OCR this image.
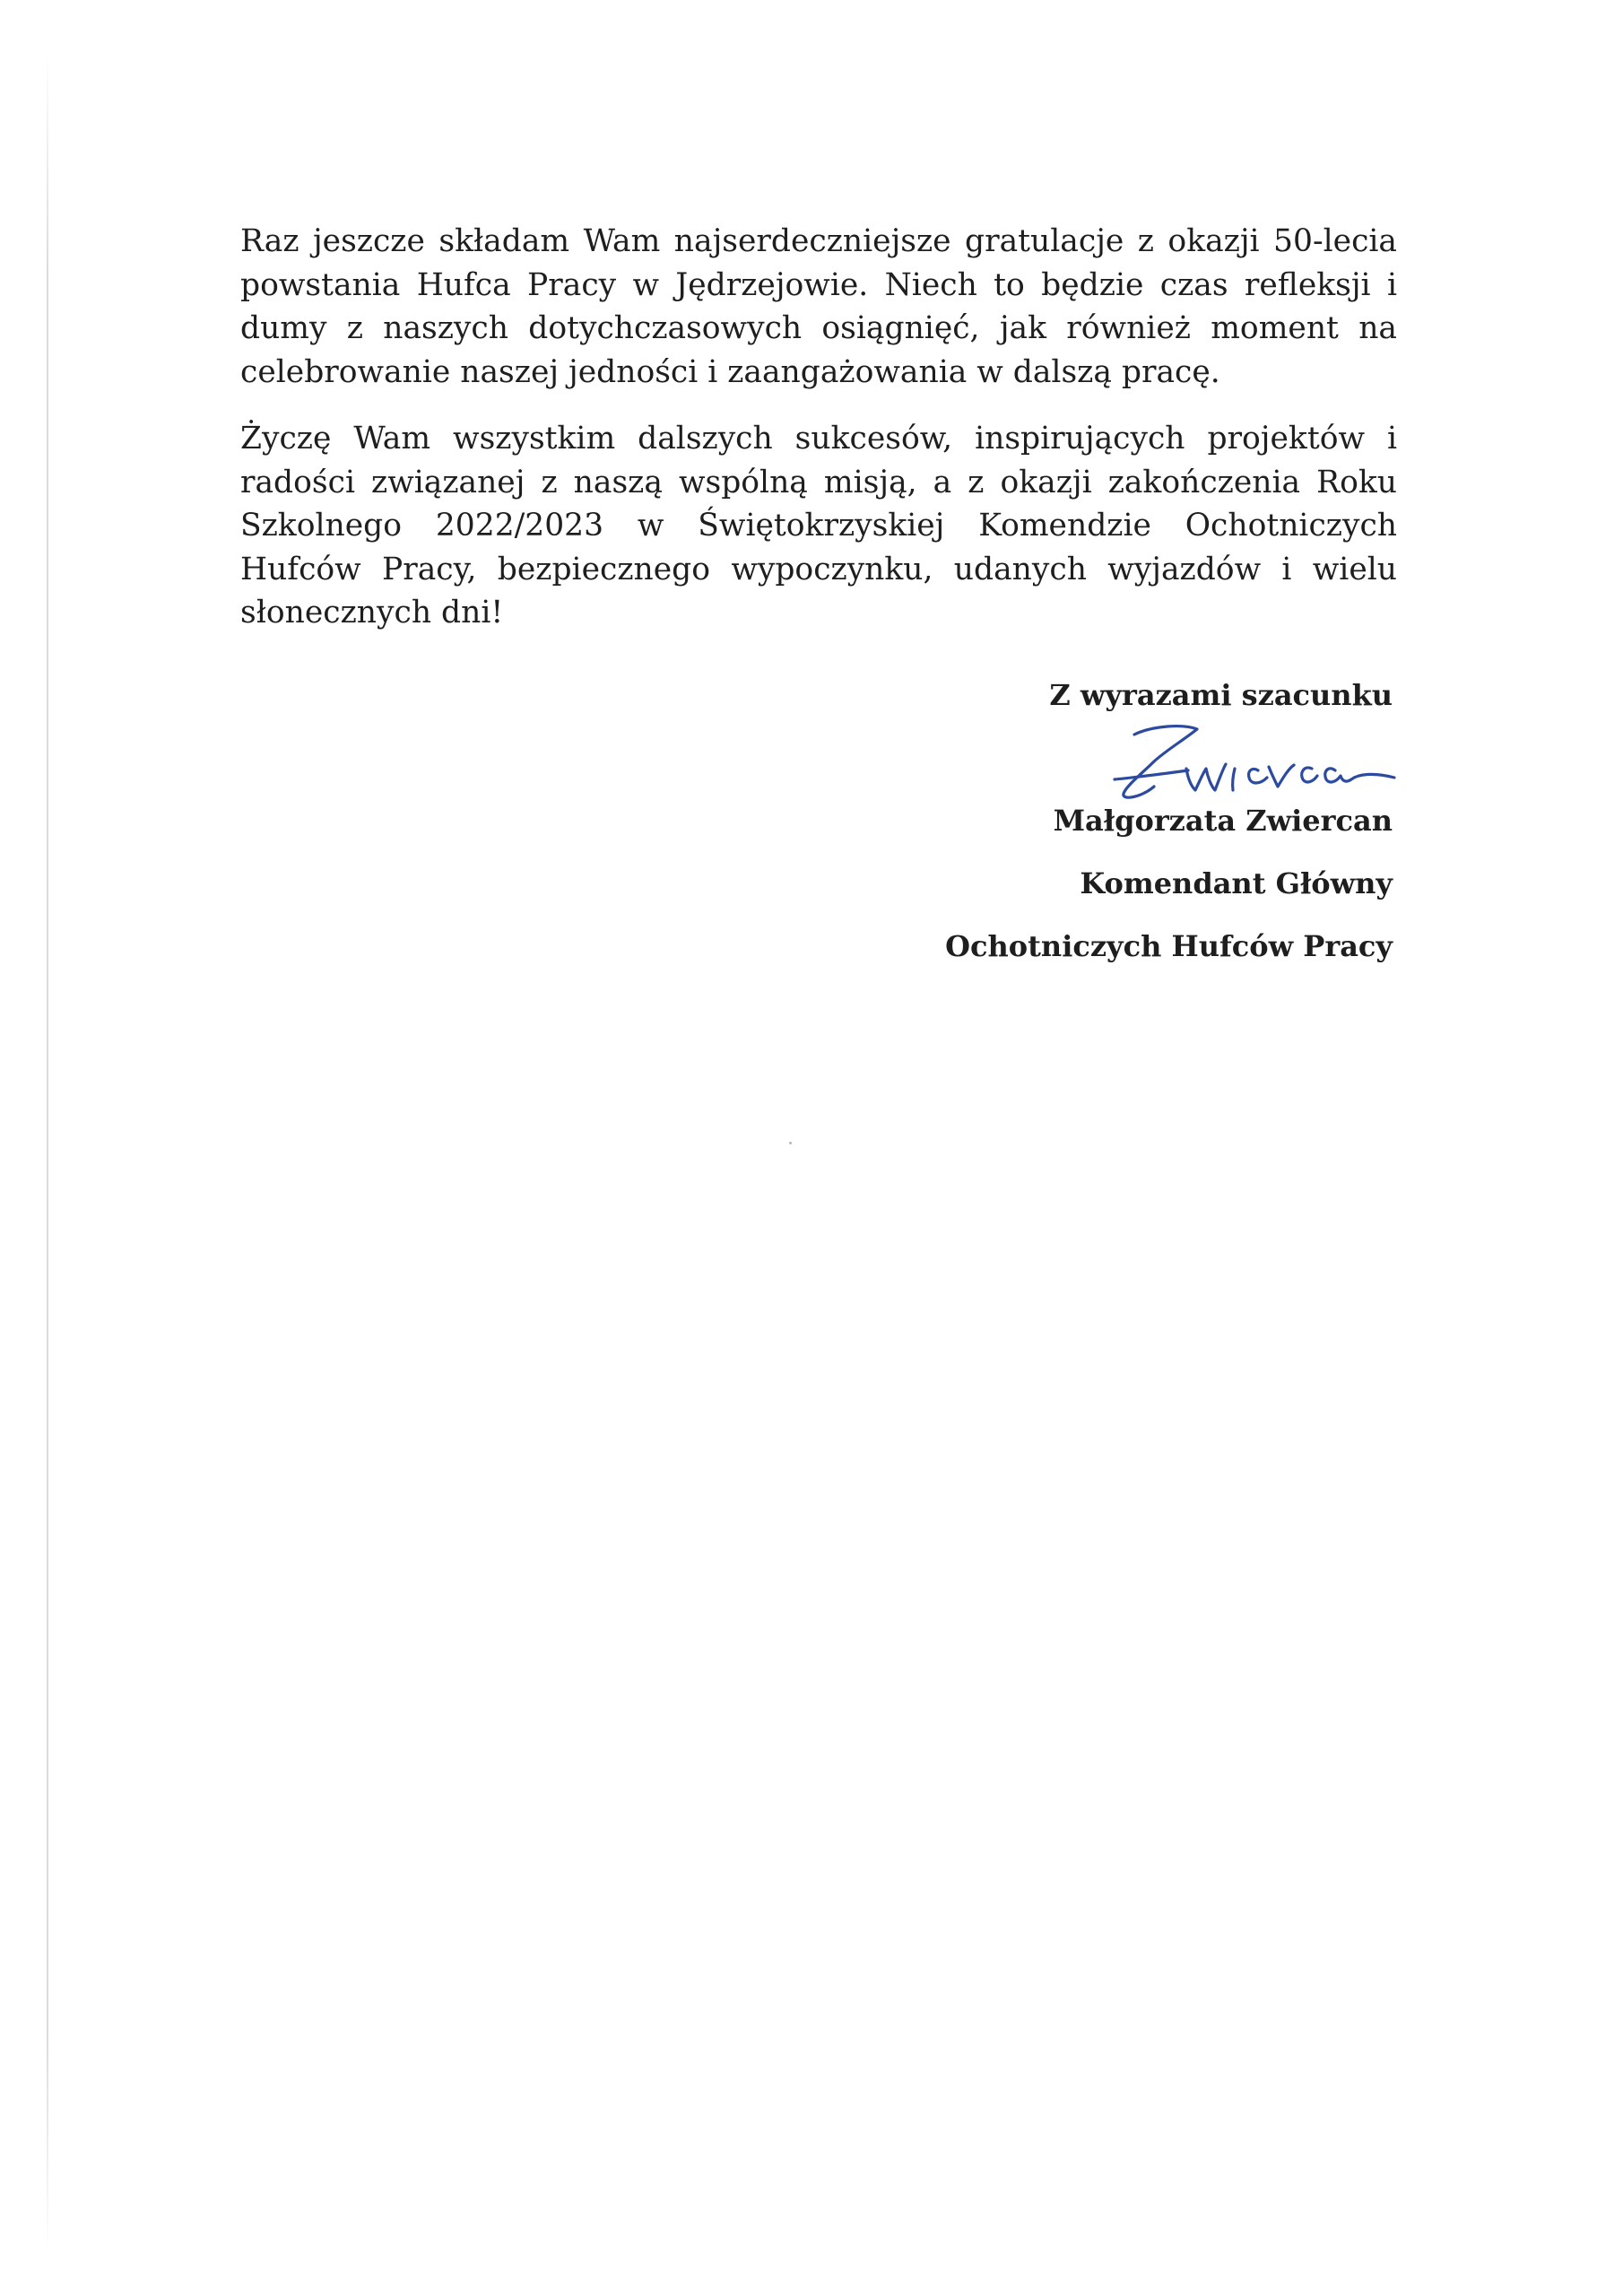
Raz jeszcze składam Wam najserdeczniejsze gratulacje z okazji 50-lecia powstania Hufca Pracy w Jędrzejowie. Niech to będzie czas refleksji i dumy z naszych dotychczasowych osiągnięć, jak również moment na celebrowanie naszej jedności i zaangażowania w dalszą pracę.

Życzę Wam wszystkim dalszych sukcesów, inspirujących projektów i radości związanej z naszą wspólną misją, a z okazji zakończenia Roku Szkolnego 2022/2023 w Świętokrzyskiej Komendzie Ochotniczych Hufców Pracy, bezpiecznego wypoczynku, udanych wyjazdów i wielu słonecznych dni!

Z wyrazami szacunku
Małgorzata Zwiercan
Komendant Główny
Ochotniczych Hufców Pracy
